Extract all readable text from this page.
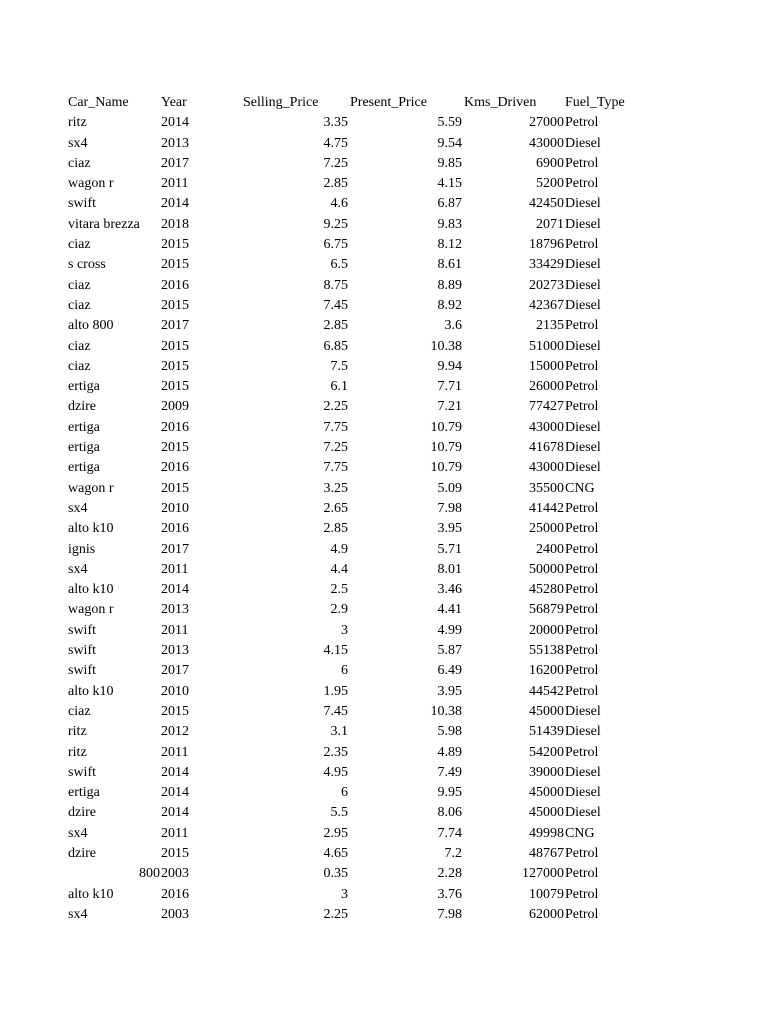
Car_Name Year	Selling_Price Present_Price	Kms_Driven Fuel_Type
ritz	2014	3.35	5.59	27000 Petrol
sx4	2013	4.75	9.54	43000 Diesel
ciaz	2017	7.25	9.85	6900 Petrol
wagon r	2011	2.85	4.15	5200 Petrol
swift	2014	4.6	6.87	42450 Diesel
vitara brezza 2018	9.25	9.83	2071 Diesel
ciaz	2015	6.75	8.12	18796 Petrol
s cross	2015	6.5	8.61	33429 Diesel
ciaz	2016	8.75	8.89	20273 Diesel
ciaz	2015	7.45	8.92	42367 Diesel
alto 800	2017	2.85	3.6	2135 Petrol
ciaz	2015	6.85	10.38	51000 Diesel
ciaz	2015	7.5	9.94	15000 Petrol
ertiga	2015	6.1	7.71	26000 Petrol
dzire	2009	2.25	7.21	77427 Petrol
ertiga	2016	7.75	10.79	43000 Diesel
ertiga	2015	7.25	10.79	41678 Diesel
ertiga	2016	7.75	10.79	43000 Diesel
wagon r	2015	3.25	5.09	35500 CNG
sx4	2010	2.65	7.98	41442 Petrol
alto k10	2016	2.85	3.95	25000 Petrol
ignis	2017	4.9	5.71	2400 Petrol
sx4	2011	4.4	8.01	50000 Petrol
alto k10	2014	2.5	3.46	45280 Petrol
wagon r	2013	2.9	4.41	56879 Petrol
swift	2011	3	4.99	20000 Petrol
swift	2013	4.15	5.87	55138 Petrol
swift	2017	6	6.49	16200 Petrol
alto k10	2010	1.95	3.95	44542 Petrol
ciaz	2015	7.45	10.38	45000 Diesel
ritz	2012	3.1	5.98	51439 Diesel
ritz	2011	2.35	4.89	54200 Petrol
swift	2014	4.95	7.49	39000 Diesel
ertiga	2014	6	9.95	45000 Diesel
dzire	2014	5.5	8.06	45000 Diesel
sx4	2011	2.95	7.74	49998 CNG
dzire	2015	4.65	7.2	48767 Petrol
800 2003	0.35	2.28	127000 Petrol
alto k10	2016	3	3.76	10079 Petrol
sx4	2003	2.25	7.98	62000 Petrol
